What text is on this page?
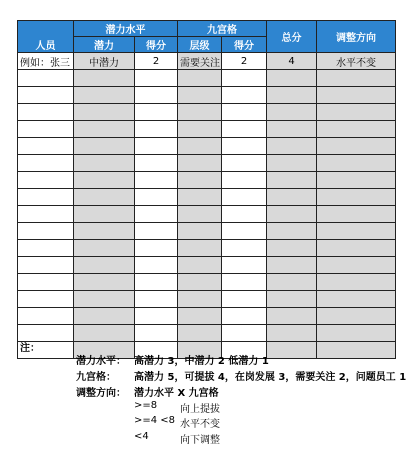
人员	潜力水平		九宫格		总分	调整方向
	潜力	得分	层级	得分		
例如：张三	中潜力	2	需要关注	2	4	水平不变

注：
潜力水平： 高潜力 3，中潜力 2 低潜力 1
九宫格： 高潜力 5，可提拔 4，在岗发展 3，需要关注 2，问题员工 1
调整方向： 潜力水平 X 九宫格
>=8 向上提拔
>=4 <8 水平不变
<4	向下调整
